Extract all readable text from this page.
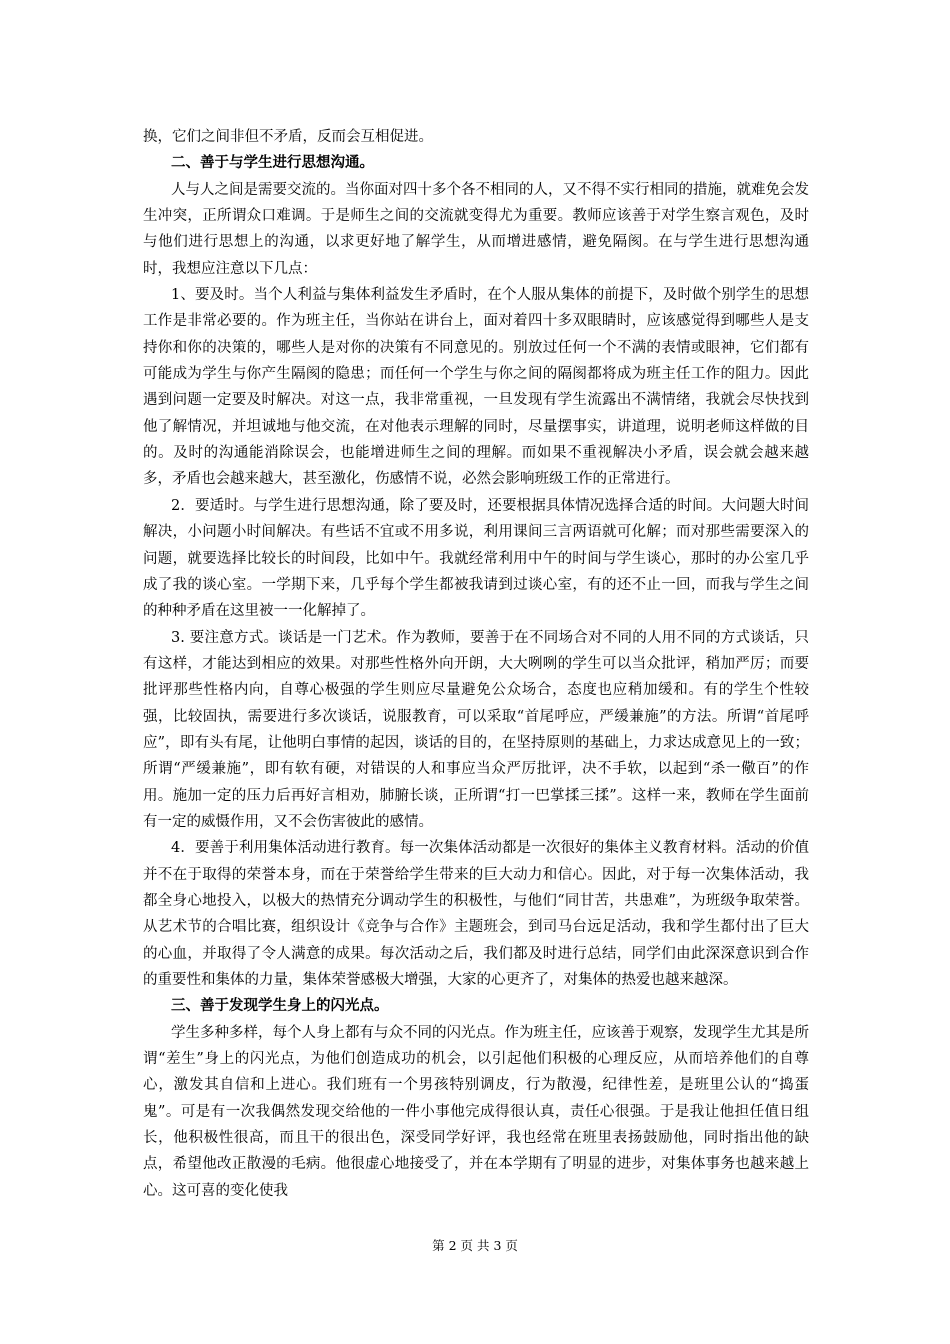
换，它们之间非但不矛盾，反而会互相促进。

二、善于与学生进行思想沟通。

人与人之间是需要交流的。当你面对四十多个各不相同的人，又不得不实行相同的措施，就难免会发生冲突，正所谓众口难调。于是师生之间的交流就变得尤为重要。教师应该善于对学生察言观色，及时与他们进行思想上的沟通，以求更好地了解学生，从而增进感情，避免隔阂。在与学生进行思想沟通时，我想应注意以下几点：

1、要及时。当个人利益与集体利益发生矛盾时，在个人服从集体的前提下，及时做个别学生的思想工作是非常必要的。作为班主任，当你站在讲台上，面对着四十多双眼睛时，应该感觉得到哪些人是支持你和你的决策的，哪些人是对你的决策有不同意见的。别放过任何一个不满的表情或眼神，它们都有可能成为学生与你产生隔阂的隐患；而任何一个学生与你之间的隔阂都将成为班主任工作的阻力。因此遇到问题一定要及时解决。对这一点，我非常重视，一旦发现有学生流露出不满情绪，我就会尽快找到他了解情况，并坦诚地与他交流，在对他表示理解的同时，尽量摆事实，讲道理，说明老师这样做的目的。及时的沟通能消除误会，也能增进师生之间的理解。而如果不重视解决小矛盾，误会就会越来越多，矛盾也会越来越大，甚至激化，伤感情不说，必然会影响班级工作的正常进行。

2．要适时。与学生进行思想沟通，除了要及时，还要根据具体情况选择合适的时间。大问题大时间解决，小问题小时间解决。有些话不宜或不用多说，利用课间三言两语就可化解；而对那些需要深入的问题，就要选择比较长的时间段，比如中午。我就经常利用中午的时间与学生谈心，那时的办公室几乎成了我的谈心室。一学期下来，几乎每个学生都被我请到过谈心室，有的还不止一回，而我与学生之间的种种矛盾在这里被一一化解掉了。

3. 要注意方式。谈话是一门艺术。作为教师，要善于在不同场合对不同的人用不同的方式谈话，只有这样，才能达到相应的效果。对那些性格外向开朗，大大咧咧的学生可以当众批评，稍加严厉；而要批评那些性格内向，自尊心极强的学生则应尽量避免公众场合，态度也应稍加缓和。有的学生个性较强，比较固执，需要进行多次谈话，说服教育，可以采取“首尾呼应，严缓兼施”的方法。所谓“首尾呼应”，即有头有尾，让他明白事情的起因，谈话的目的，在坚持原则的基础上，力求达成意见上的一致；所谓“严缓兼施”，即有软有硬，对错误的人和事应当众严厉批评，决不手软，以起到“杀一儆百”的作用。施加一定的压力后再好言相劝，肺腑长谈，正所谓“打一巴掌揉三揉”。这样一来，教师在学生面前有一定的威慑作用，又不会伤害彼此的感情。

4．要善于利用集体活动进行教育。每一次集体活动都是一次很好的集体主义教育材料。活动的价值并不在于取得的荣誉本身，而在于荣誉给学生带来的巨大动力和信心。因此，对于每一次集体活动，我都全身心地投入，以极大的热情充分调动学生的积极性，与他们“同甘苦，共患难”，为班级争取荣誉。从艺术节的合唱比赛，组织设计《竞争与合作》主题班会，到司马台远足活动，我和学生都付出了巨大的心血，并取得了令人满意的成果。每次活动之后，我们都及时进行总结，同学们由此深深意识到合作的重要性和集体的力量，集体荣誉感极大增强，大家的心更齐了，对集体的热爱也越来越深。

三、善于发现学生身上的闪光点。

学生多种多样，每个人身上都有与众不同的闪光点。作为班主任，应该善于观察，发现学生尤其是所谓“差生”身上的闪光点，为他们创造成功的机会，以引起他们积极的心理反应，从而培养他们的自尊心，激发其自信和上进心。我们班有一个男孩特别调皮，行为散漫，纪律性差，是班里公认的“捣蛋鬼”。可是有一次我偶然发现交给他的一件小事他完成得很认真，责任心很强。于是我让他担任值日组长，他积极性很高，而且干的很出色，深受同学好评，我也经常在班里表扬鼓励他，同时指出他的缺点，希望他改正散漫的毛病。他很虚心地接受了，并在本学期有了明显的进步，对集体事务也越来越上心。这可喜的变化使我

第 2 页 共 3 页
